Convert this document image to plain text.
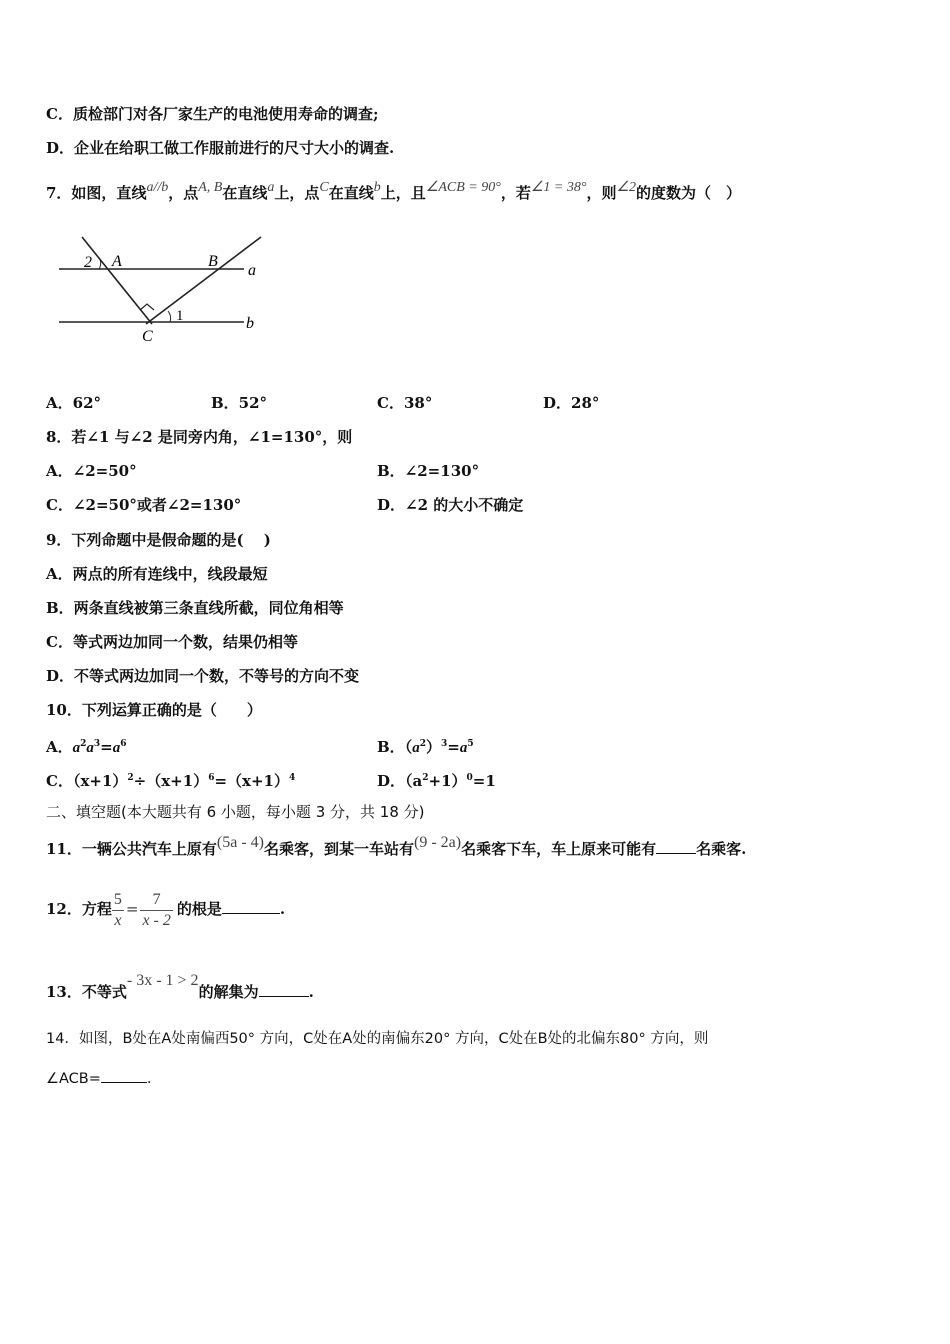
C．质检部门对各厂家生产的电池使用寿命的调查;
D．企业在给职工做工作服前进行的尺寸大小的调查.
7．如图，直线a//b，点A, B在直线a上，点C在直线b上，且∠ACB = 90°，若∠1 = 38°，则∠2的度数为（　）
2 A	B
a
1
C
b
A．62°	B．52°	C．38°	D．28°
8．若∠1 与∠2 是同旁内角，∠1=130°，则
A．∠2=50°	B．∠2=130°
C．∠2=50°或者∠2=130°	D．∠2 的大小不确定
9．下列命题中是假命题的是(　 )
A．两点的所有连线中，线段最短
B．两条直线被第三条直线所截，同位角相等
C．等式两边加同一个数，结果仍相等
D．不等式两边加同一个数，不等号的方向不变
10．下列运算正确的是（　　）
A．$a^2a^3=a^6$	B．$(a^2)^3=a^5$
C．$(x+1)^2\div(x+1)^6=(x+1)^4$	D．$(a^2+1)^0=1$
二、填空题(本大题共有 6 小题，每小题 3 分，共 18 分)
11．一辆公共汽车上原有(5a - 4)名乘客，到某一车站有(9 - 2a)名乘客下车，车上原来可能有	名乘客.
12．方程 $\frac{5}{x} = \frac{7}{x - 2}$ 的根是	.
13．不等式- 3x - 1 > 2的解集为	.
14．如图，B处在A处南偏西50° 方向，C处在A处的南偏东20° 方向，C处在B处的北偏东80° 方向，则
∠ACB=	.
